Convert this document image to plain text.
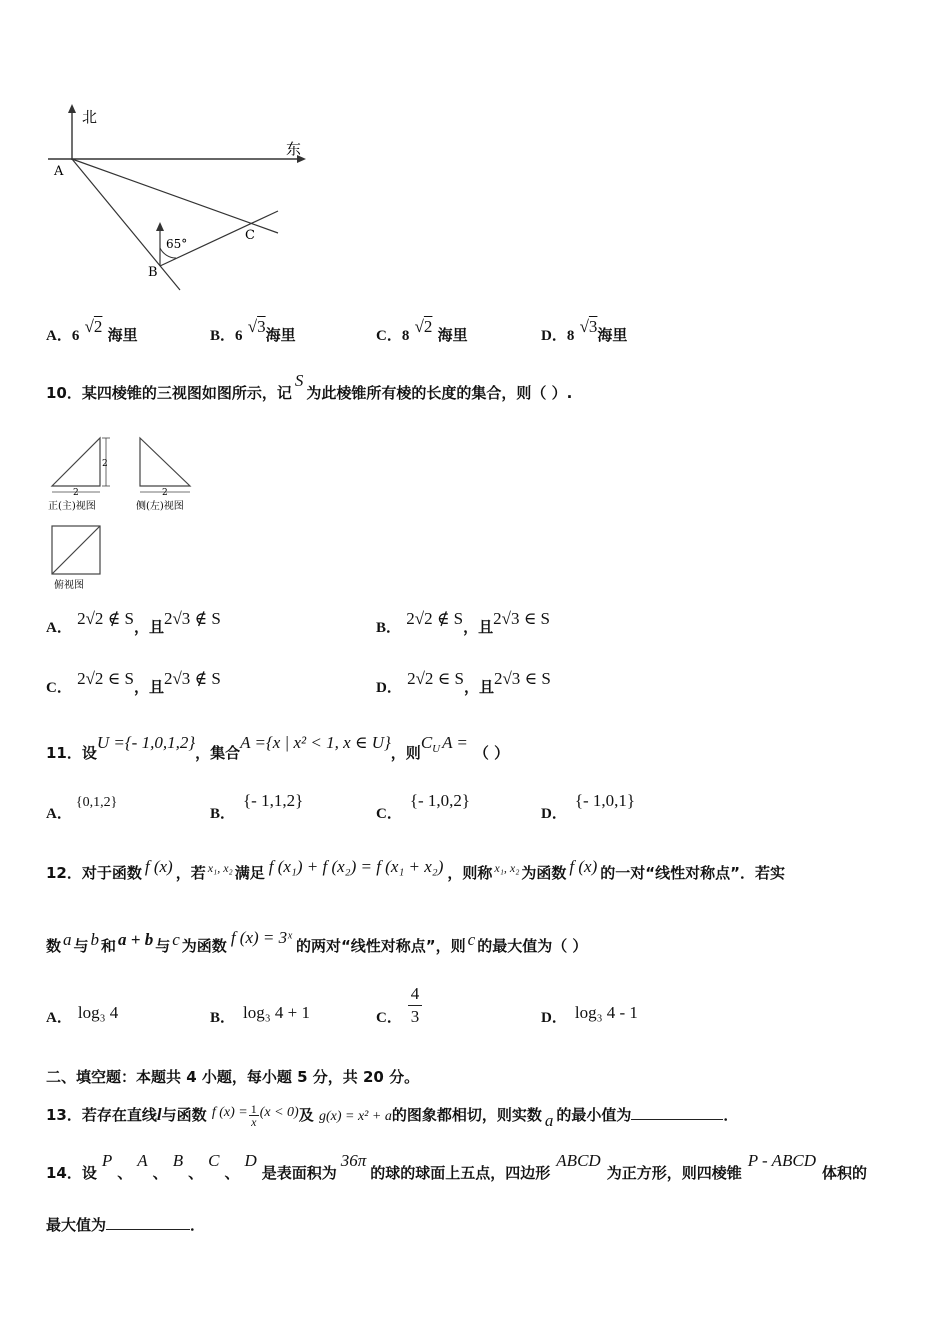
北
东
A
B
C
65°
A．6 √2 海里	B．6 √3海里	C．8 √2 海里	D．8 √3海里
10．某四棱锥的三视图如图所示，记S为此棱锥所有棱的长度的集合，则（ ）.
2
2
正(主)视图
2
侧(左)视图
俯视图
A． 2√2 ∉ S，且2√3 ∉ S	B． 2√2 ∉ S，且2√3 ∈ S
C． 2√2 ∈ S，且2√3 ∉ S	D． 2√2 ∈ S，且2√3 ∈ S
11．设U ={- 1,0,1,2}，集合A ={x | x² < 1, x ∈ U}，则$C^U$ A =（ ）
A．{0,1,2}
B．{- 1,1,2}
C．{- 1,0,2}
D．{- 1,0,1}
12．对于函数 f (x) ，若 $^{x_1, x_2}$ 满足 f (x₁) + f (x₂) = f (x₁ + x₂) ，则称 $^{x_1, x_2}$ 为函数 f (x) 的一对“线性对称点”．若实
数 a 与 b 和 a + b 与 c 为函数 f (x) = 3ˣ 的两对“线性对称点”，则 c 的最大值为（ ）
A． log₃ 4	B． log₃ 4 + 1	C．
4
3	D． log₃ 4 - 1
二、填空题：本题共 4 小题，每小题 5 分，共 20 分。
13．若存在直线l与函数 f $(x) = \frac{1}{x} (x < 0)$及 g(x) = x² + a的图象都相切，则实数 a 的最小值为	．
14．设P、A、B、C、D是表面积为36π的球的球面上五点，四边形ABCD为正方形，则四棱锥P - ABCD体积的
最大值为	．
